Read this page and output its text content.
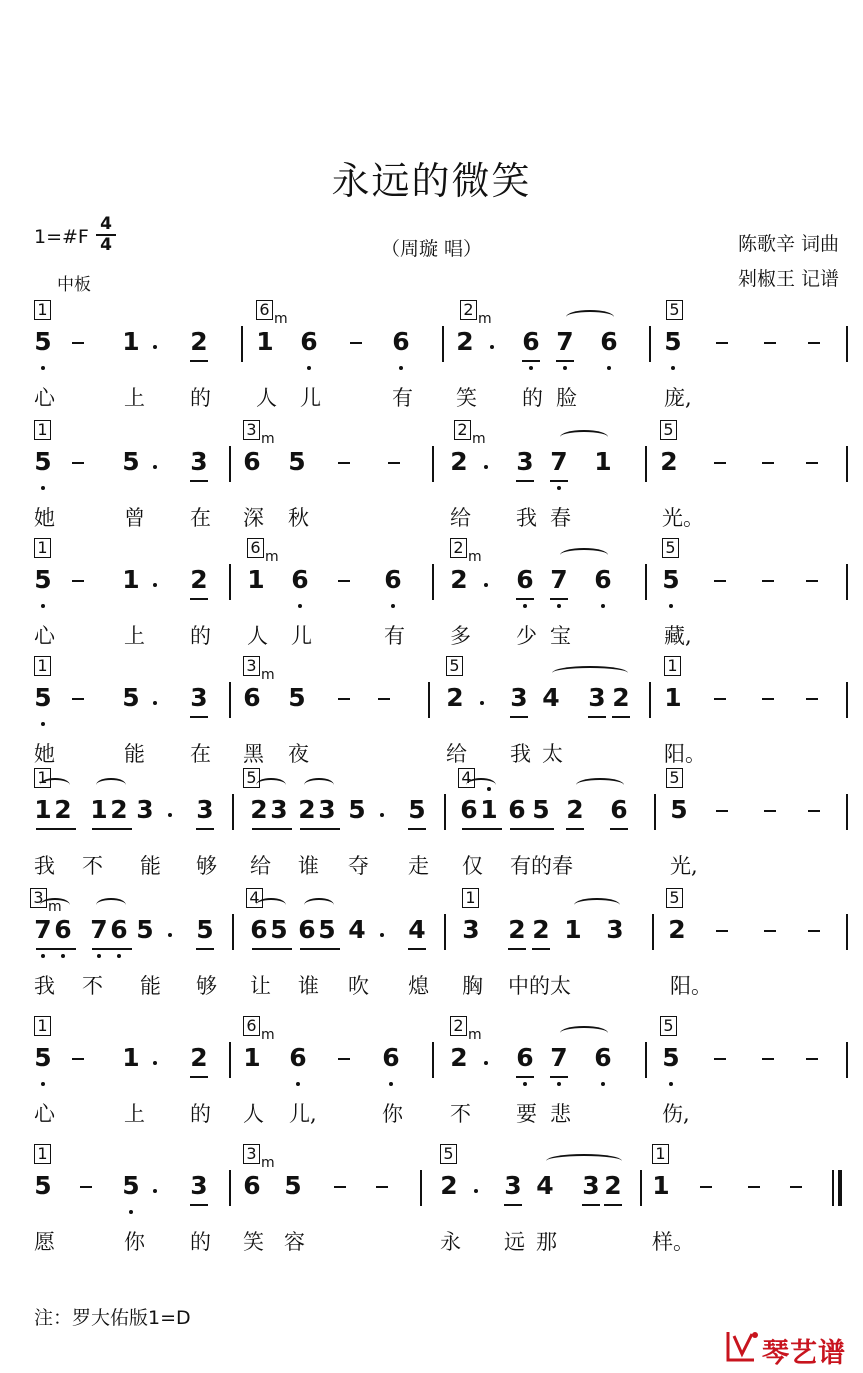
永远的微笑
1=#F
4
4
中板
（周璇 唱）	陈歌辛 词曲
剁椒王 记谱
1	6 m	2 m	5
5	1 2 1 6	6 2 6 7 6 5
心	上 的 人 儿	有 笑 的 脸	庞,
1	3 m	2 m	5
5	5 3 6 5	2 3 7 1 2
她	曾 在 深 秋	给 我 春	光。
1	6 m	2 m	5
5	1 2 1 6	6 2 6 7 6 5
心	上 的 人 儿	有 多 少 宝	藏,
1	3 m	5	1
5	5 3 6 5	2 3 4 3 2 1
她	能 在 黑 夜	给 我 太	阳。
1	5	4	5
1 2 1 2 3 3 2 3 2 3 5 5 6 1 6 5 2 6 5
我 不 能 够 给 谁 夺 走 仅 有的春	光,
3 m	4	1	5
7 6 7 6 5 5 6 5 6 5 4 4 3 2 2 1 3 2
我 不 能 够 让 谁 吹 熄 胸 中的太	阳。
1	6 m	2 m	5
5	1 2 1 6	6 2 6 7 6 5
心	上 的 人 儿,	你 不 要 悲	伤,
1	3 m	5	1
5	5 3 6 5	2 3 4 3 2 1
愿	你 的 笑 容	永 远 那	样。
注：罗大佑版1=D
琴艺谱
